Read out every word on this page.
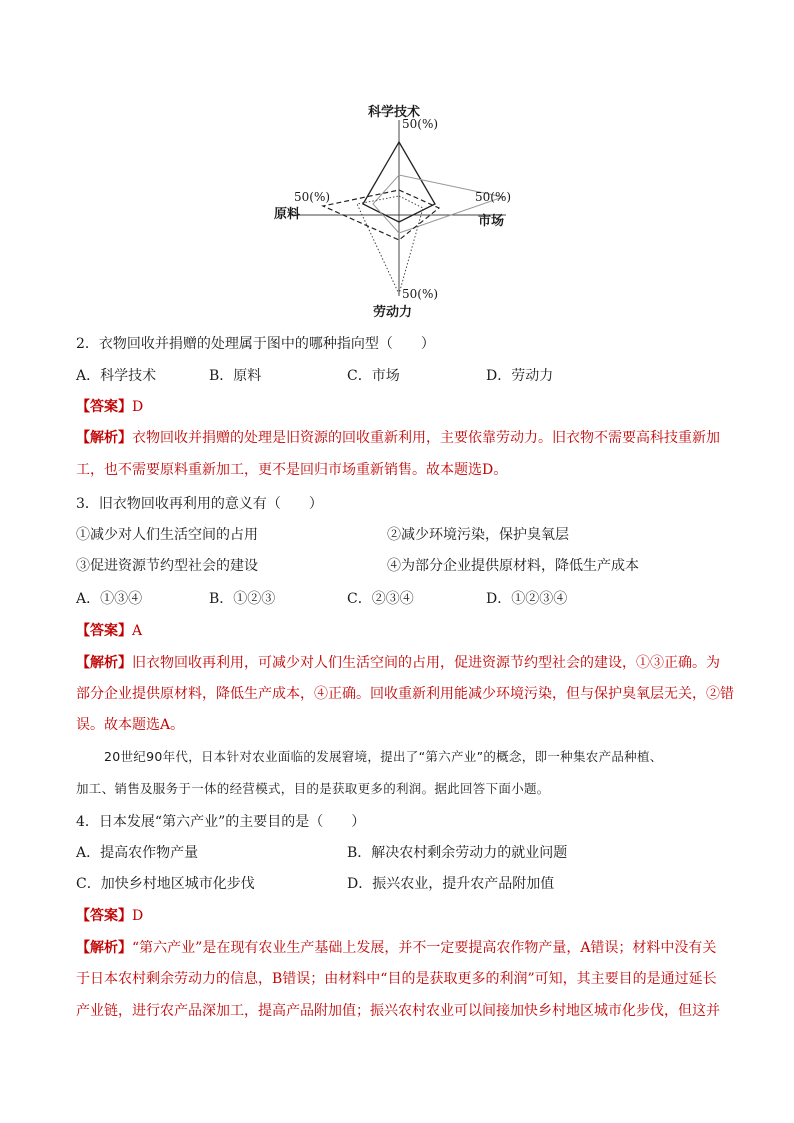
科学技术
50(%)
50(%)
原料
50(%)
市场
50(%)
劳动力
2．衣物回收并捐赠的处理属于图中的哪种指向型（　　）
A．科学技术	B．原料	C．市场	D．劳动力
【答案】D
【解析】衣物回收并捐赠的处理是旧资源的回收重新利用，主要依靠劳动力。旧衣物不需要高科技重新加
工，也不需要原料重新加工，更不是回归市场重新销售。故本题选D。
3．旧衣物回收再利用的意义有（　　）
①减少对人们生活空间的占用	②减少环境污染，保护臭氧层
③促进资源节约型社会的建设	④为部分企业提供原材料，降低生产成本
A．①③④	B．①②③	C．②③④	D．①②③④
【答案】A
【解析】旧衣物回收再利用，可减少对人们生活空间的占用，促进资源节约型社会的建设，①③正确。为
部分企业提供原材料，降低生产成本，④正确。回收重新利用能减少环境污染，但与保护臭氧层无关，②错
误。故本题选A。
20世纪90年代，日本针对农业面临的发展窘境，提出了“第六产业”的概念，即一种集农产品种植、
加工、销售及服务于一体的经营模式，目的是获取更多的利润。据此回答下面小题。
4．日本发展“第六产业”的主要目的是（　　）
A．提高农作物产量	B．解决农村剩余劳动力的就业问题
C．加快乡村地区城市化步伐	D．振兴农业，提升农产品附加值
【答案】D
【解析】“第六产业”是在现有农业生产基础上发展，并不一定要提高农作物产量，A错误；材料中没有关
于日本农村剩余劳动力的信息，B错误；由材料中“目的是获取更多的利润”可知，其主要目的是通过延长
产业链，进行农产品深加工，提高产品附加值；振兴农村农业可以间接加快乡村地区城市化步伐，但这并
